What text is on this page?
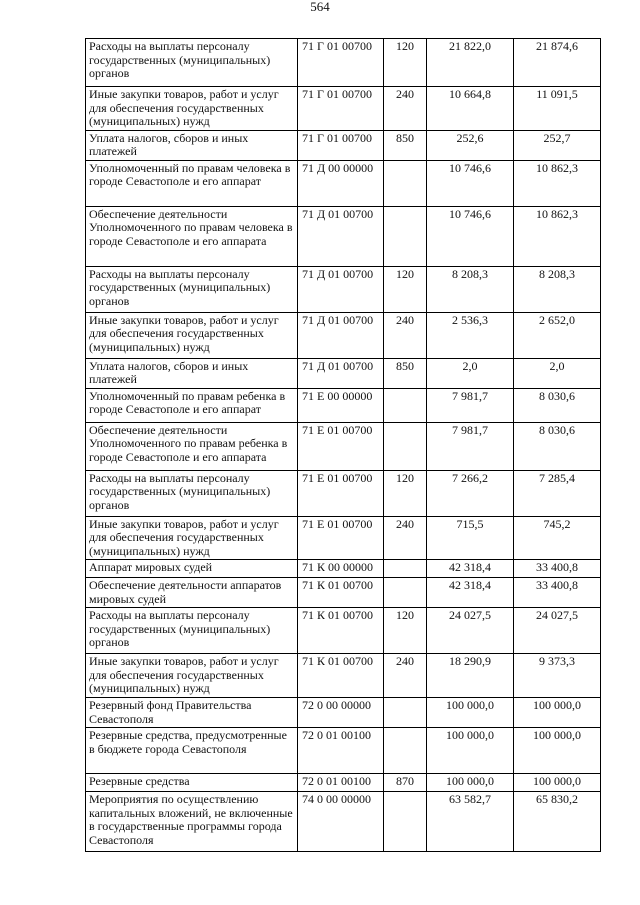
564
Расходы на выплаты персоналу государственных (муниципальных) органов	71 Г 01 00700	120	21 822,0	21 874,6
Иные закупки товаров, работ и услуг для обеспечения государственных (муниципальных) нужд	71 Г 01 00700	240	10 664,8	11 091,5
Уплата налогов, сборов и иных платежей	71 Г 01 00700	850	252,6	252,7
Уполномоченный по правам человека в городе Севастополе и его аппарат	71 Д 00 00000		10 746,6	10 862,3
Обеспечение деятельности Уполномоченного по правам человека в городе Севастополе и его аппарата	71 Д 01 00700		10 746,6	10 862,3
Расходы на выплаты персоналу государственных (муниципальных) органов	71 Д 01 00700	120	8 208,3	8 208,3
Иные закупки товаров, работ и услуг для обеспечения государственных (муниципальных) нужд	71 Д 01 00700	240	2 536,3	2 652,0
Уплата налогов, сборов и иных платежей	71 Д 01 00700	850	2,0	2,0
Уполномоченный по правам ребенка в городе Севастополе и его аппарат	71 Е 00 00000		7 981,7	8 030,6
Обеспечение деятельности Уполномоченного по правам ребенка в городе Севастополе и его аппарата	71 Е 01 00700		7 981,7	8 030,6
Расходы на выплаты персоналу государственных (муниципальных) органов	71 Е 01 00700	120	7 266,2	7 285,4
Иные закупки товаров, работ и услуг для обеспечения государственных (муниципальных) нужд	71 Е 01 00700	240	715,5	745,2
Аппарат мировых судей	71 К 00 00000		42 318,4	33 400,8
Обеспечение деятельности аппаратов мировых судей	71 К 01 00700		42 318,4	33 400,8
Расходы на выплаты персоналу государственных (муниципальных) органов	71 К 01 00700	120	24 027,5	24 027,5
Иные закупки товаров, работ и услуг для обеспечения государственных (муниципальных) нужд	71 К 01 00700	240	18 290,9	9 373,3
Резервный фонд Правительства Севастополя	72 0 00 00000		100 000,0	100 000,0
Резервные средства, предусмотренные в бюджете города Севастополя	72 0 01 00100		100 000,0	100 000,0
Резервные средства	72 0 01 00100	870	100 000,0	100 000,0
Мероприятия по осуществлению капитальных вложений, не включенные в государственные программы города Севастополя	74 0 00 00000		63 582,7	65 830,2
